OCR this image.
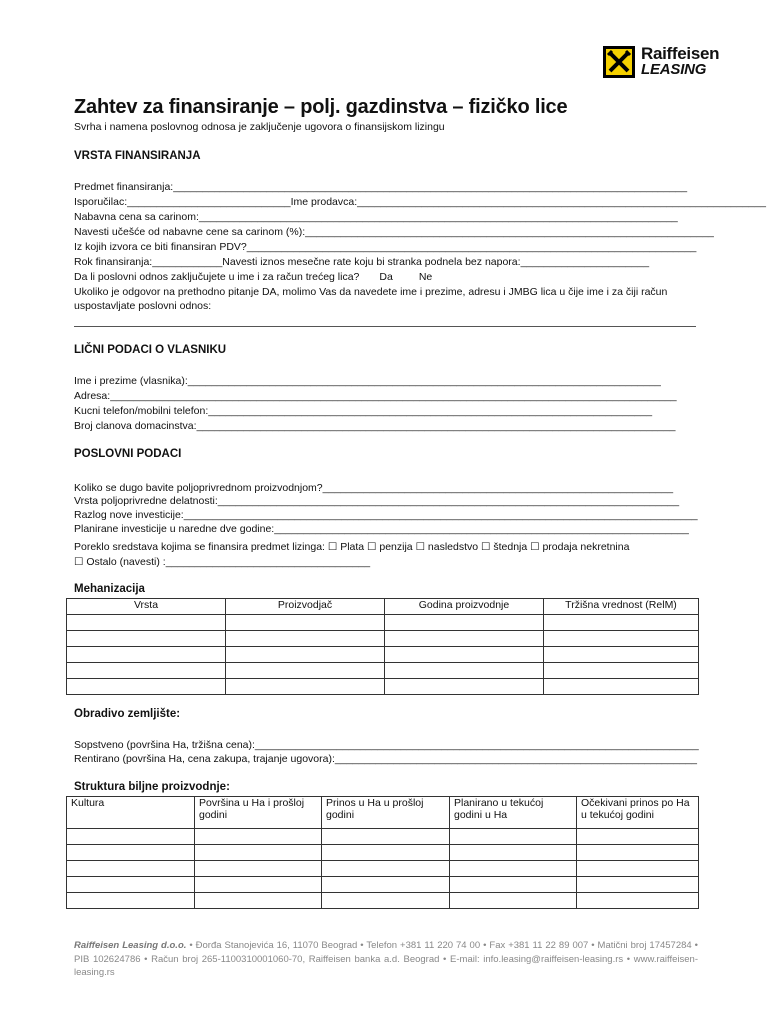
Raiffeisen
LEASING
Zahtev za finansiranje – polj. gazdinstva – fizičko lice
Svrha i namena poslovnog odnosa je zaključenje ugovora o finansijskom lizingu
VRSTA FINANSIRANJA
Predmet finansiranja:________________________________________________________________________________________
Isporučilac:____________________________Ime prodavca:______________________________________________________________________
Nabavna cena sa carinom:__________________________________________________________________________________
Navesti učešće od nabavne cene sa carinom (%):______________________________________________________________________
Iz kojih izvora ce biti finansiran PDV?_____________________________________________________________________________
Rok finansiranja:____________Navesti iznos mesečne rate koju bi stranka podnela bez napora:______________________
Da li poslovni odnos zaključujete u ime i za račun trećeg lica? Da Ne
Ukoliko je odgovor na prethodno pitanje DA, molimo Vas da navedete ime i prezime, adresu i JMBG lica u čije ime i za čiji račun uspostavljate poslovni odnos:
LIČNI PODACI O VLASNIKU
Ime i prezime (vlasnika):_________________________________________________________________________________
Adresa:_________________________________________________________________________________________________
Kucni telefon/mobilni telefon:____________________________________________________________________________
Broj clanova domacinstva:__________________________________________________________________________________
POSLOVNI PODACI
Koliko se dugo bavite poljoprivrednom proizvodnjom?____________________________________________________________
Vrsta poljoprivredne delatnosti:_______________________________________________________________________________
Razlog nove investicije:________________________________________________________________________________________
Planirane investicije u naredne dve godine:_______________________________________________________________________
Poreklo sredstava kojima se finansira predmet lizinga: ☐ Plata ☐ penzija ☐ nasledstvo ☐ štednja ☐ prodaja nekretnina
☐ Ostalo (navesti) :___________________________________
Mehanizacija
Vrsta	Proizvodjač	Godina proizvodnje	Tržišna vrednost (RelM)

Obradivo zemljište:
Sopstveno (površina Ha, tržišna cena):____________________________________________________________________________
Rentirano (površina Ha, cena zakupa, trajanje ugovora):______________________________________________________________
Struktura biljne proizvodnje:
Kultura	Površina u Ha i prošloj godini	Prinos u Ha u prošloj godini	Planirano u tekućoj godini u Ha	Očekivani prinos po Ha u tekućoj godini

Raiffeisen Leasing d.o.o. • Đorđa Stanojevića 16, 11070 Beograd • Telefon +381 11 220 74 00 • Fax +381 11 22 89 007 • Matični broj 17457284 • PIB 102624786 • Račun broj 265-1100310001060-70, Raiffeisen banka a.d. Beograd • E-mail: info.leasing@raiffeisen-leasing.rs • www.raiffeisen-leasing.rs
